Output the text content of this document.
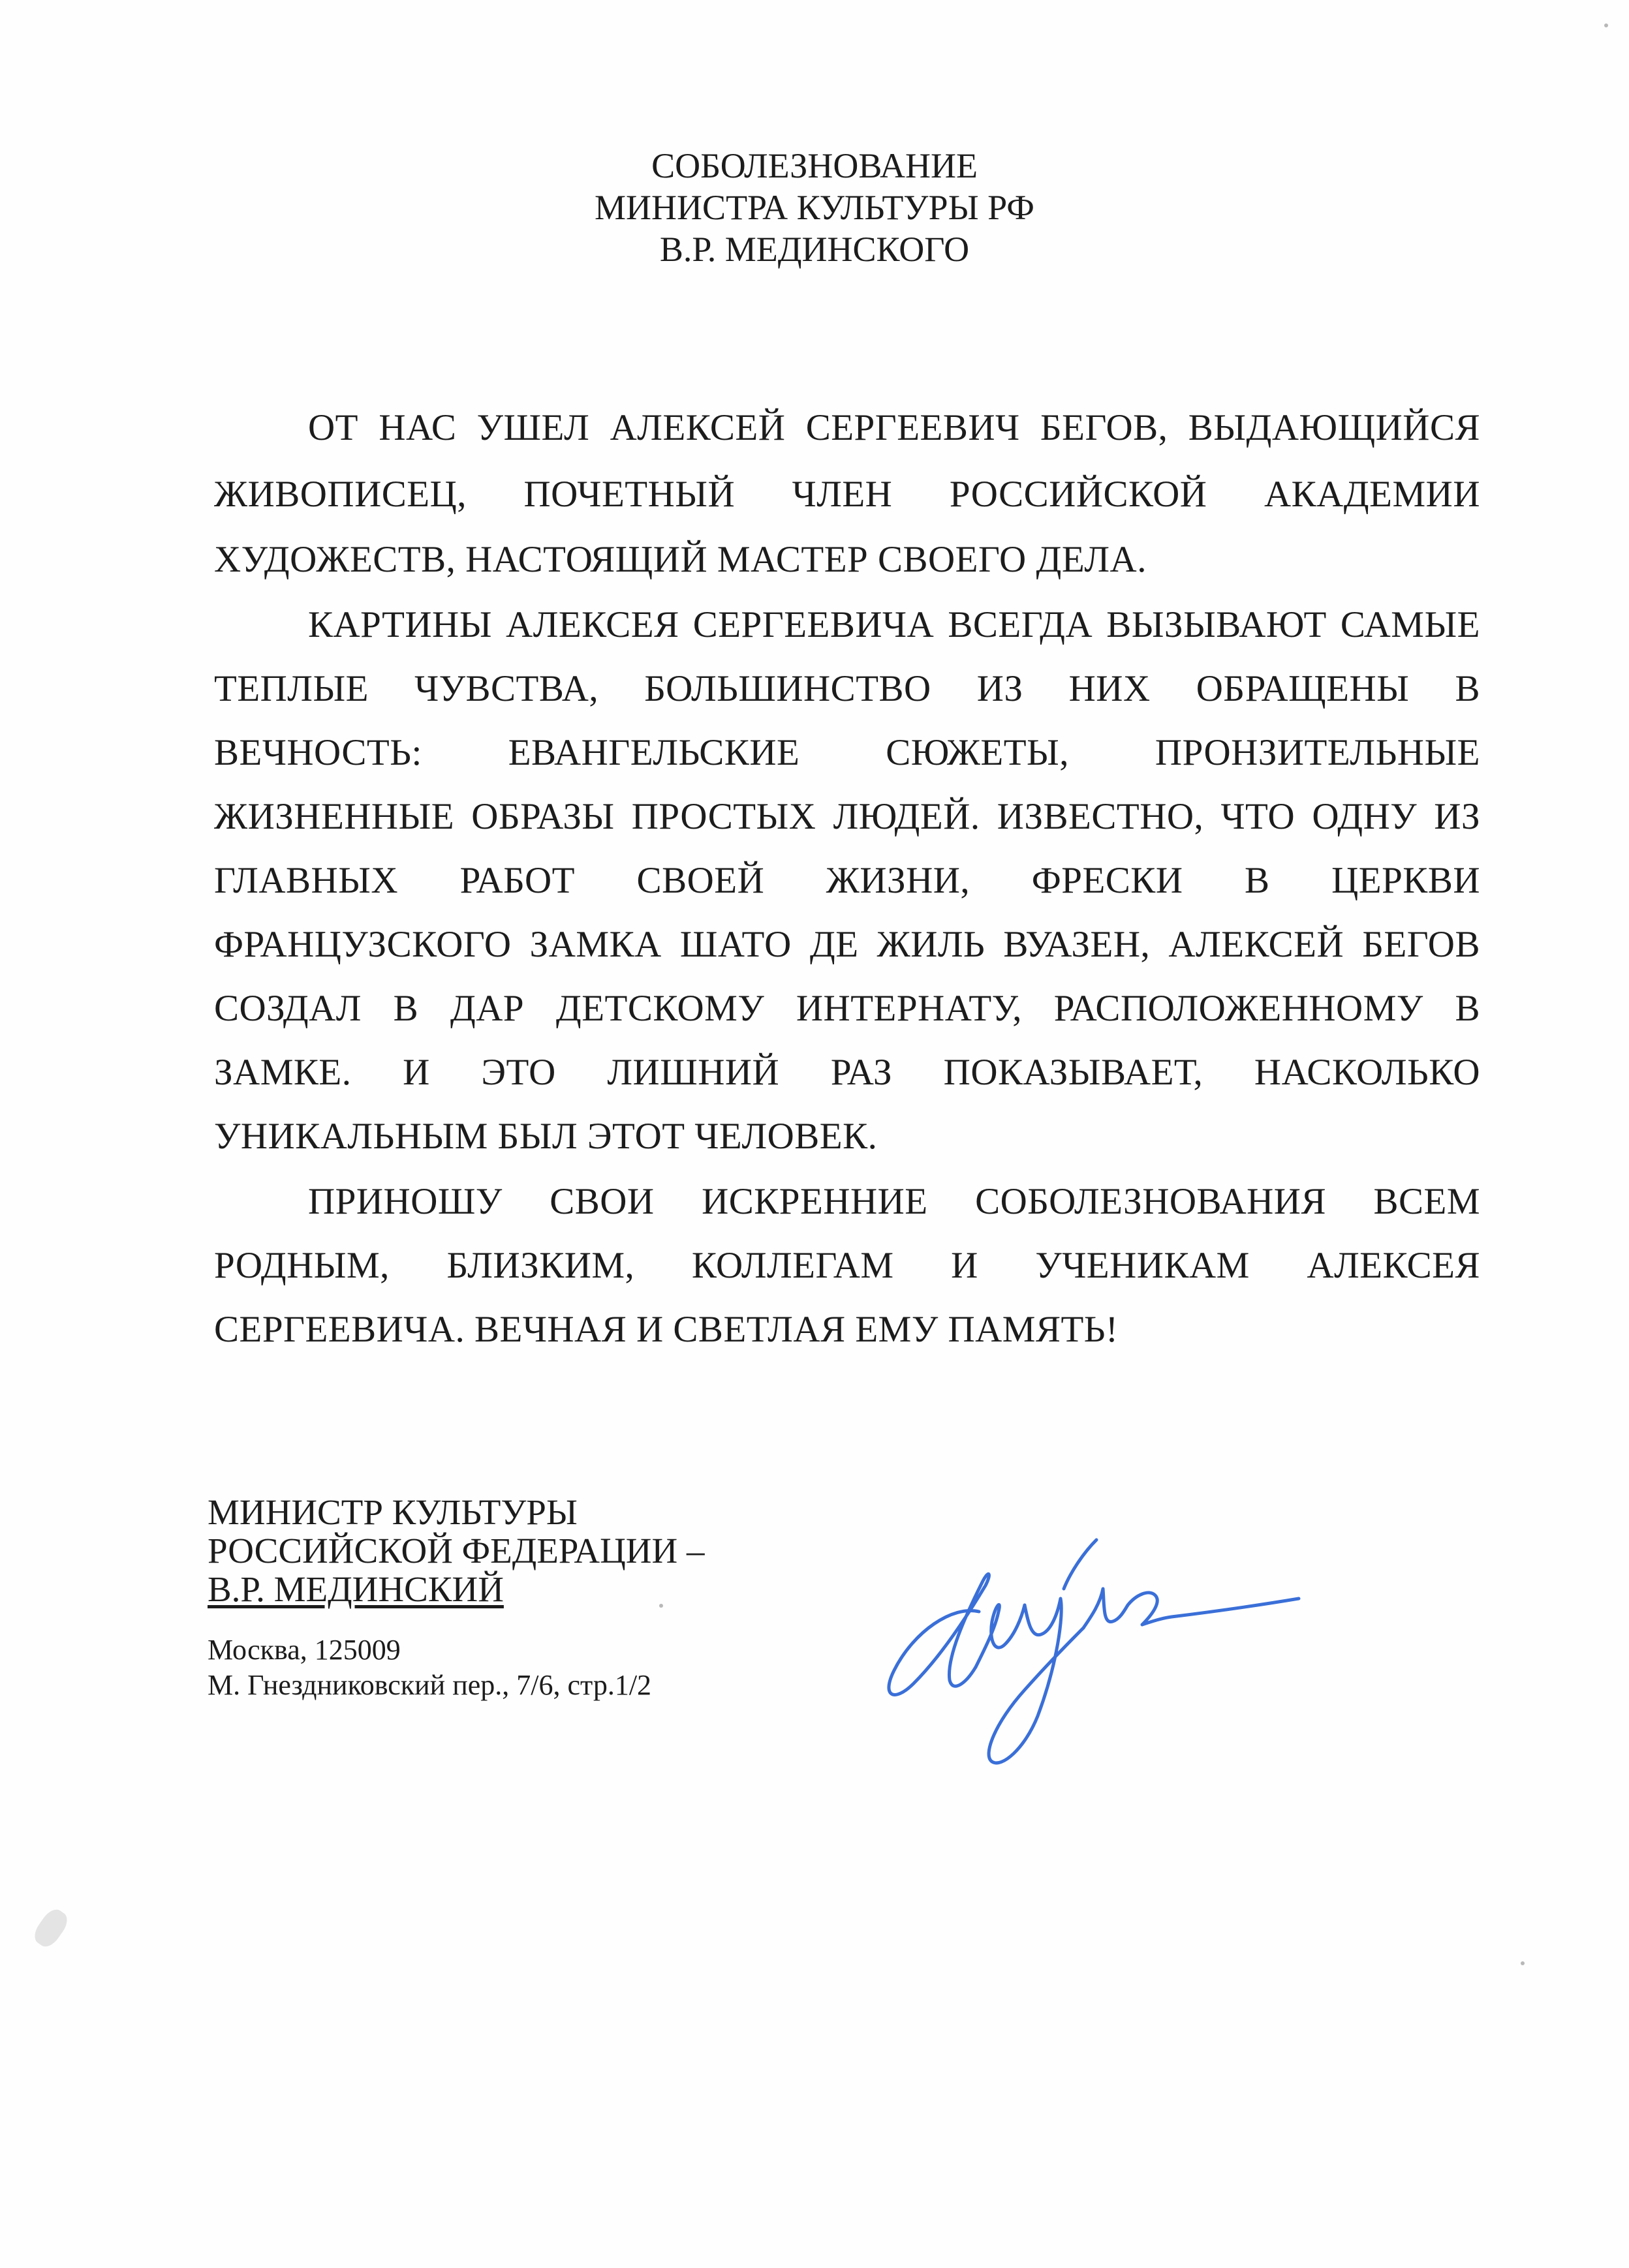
СОБОЛЕЗНОВАНИЕ
МИНИСТРА КУЛЬТУРЫ РФ
В.Р. МЕДИНСКОГО
ОТ НАС УШЕЛ АЛЕКСЕЙ СЕРГЕЕВИЧ БЕГОВ, ВЫДАЮЩИЙСЯ
ЖИВОПИСЕЦ, ПОЧЕТНЫЙ ЧЛЕН РОССИЙСКОЙ АКАДЕМИИ
ХУДОЖЕСТВ, НАСТОЯЩИЙ МАСТЕР СВОЕГО ДЕЛА.
КАРТИНЫ АЛЕКСЕЯ СЕРГЕЕВИЧА ВСЕГДА ВЫЗЫВАЮТ САМЫЕ
ТЕПЛЫЕ ЧУВСТВА, БОЛЬШИНСТВО ИЗ НИХ ОБРАЩЕНЫ В
ВЕЧНОСТЬ: ЕВАНГЕЛЬСКИЕ СЮЖЕТЫ, ПРОНЗИТЕЛЬНЫЕ
ЖИЗНЕННЫЕ ОБРАЗЫ ПРОСТЫХ ЛЮДЕЙ. ИЗВЕСТНО, ЧТО ОДНУ ИЗ
ГЛАВНЫХ РАБОТ СВОЕЙ ЖИЗНИ, ФРЕСКИ В ЦЕРКВИ
ФРАНЦУЗСКОГО ЗАМКА ШАТО ДЕ ЖИЛЬ ВУАЗЕН, АЛЕКСЕЙ БЕГОВ
СОЗДАЛ В ДАР ДЕТСКОМУ ИНТЕРНАТУ, РАСПОЛОЖЕННОМУ В
ЗАМКЕ. И ЭТО ЛИШНИЙ РАЗ ПОКАЗЫВАЕТ, НАСКОЛЬКО
УНИКАЛЬНЫМ БЫЛ ЭТОТ ЧЕЛОВЕК.
ПРИНОШУ СВОИ ИСКРЕННИЕ СОБОЛЕЗНОВАНИЯ ВСЕМ
РОДНЫМ, БЛИЗКИМ, КОЛЛЕГАМ И УЧЕНИКАМ АЛЕКСЕЯ
СЕРГЕЕВИЧА. ВЕЧНАЯ И СВЕТЛАЯ ЕМУ ПАМЯТЬ!
МИНИСТР КУЛЬТУРЫ
РОССИЙСКОЙ ФЕДЕРАЦИИ –
В.Р. МЕДИНСКИЙ
Москва, 125009
М. Гнездниковский пер., 7/6, стр.1/2
